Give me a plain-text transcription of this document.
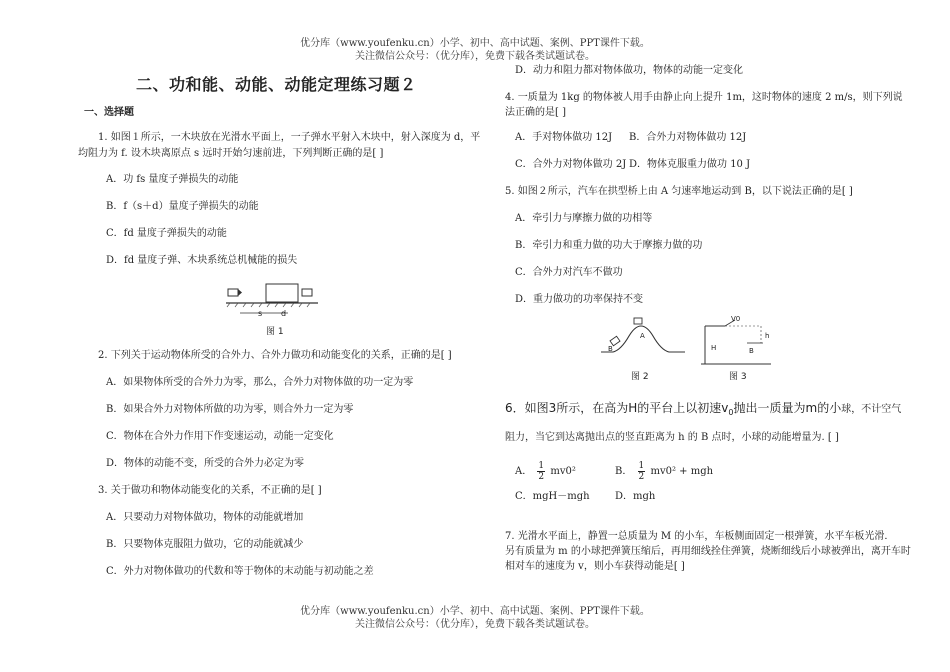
优分库（www.youfenku.cn）小学、初中、高中试题、案例、PPT课件下载。
关注微信公众号：（优分库），免费下载各类试题试卷。
二、功和能、动能、动能定理练习题２
一、选择题
1. 如图１所示，一木块放在光滑水平面上，一子弹水平射入木块中，射入深度为 d，平
均阻力为 f. 设木块离原点 s 远时开始匀速前进，下列判断正确的是[ ]
A．功 fs 量度子弹损失的动能
B．f（s＋d）量度子弹损失的动能
C．fd 量度子弹损失的动能
D．fd 量度子弹、木块系统总机械能的损失
s d
图 1
2. 下列关于运动物体所受的合外力、合外力做功和动能变化的关系，正确的是[ ]
A．如果物体所受的合外力为零，那么，合外力对物体做的功一定为零
B．如果合外力对物体所做的功为零，则合外力一定为零
C．物体在合外力作用下作变速运动，动能一定变化
D．物体的动能不变，所受的合外力必定为零
3. 关于做功和物体动能变化的关系，不正确的是[ ]
A．只要动力对物体做功，物体的动能就增加
B．只要物体克服阻力做功，它的动能就减少
C．外力对物体做功的代数和等于物体的末动能与初动能之差
D．动力和阻力都对物体做功，物体的动能一定变化
4. 一质量为 1kg 的物体被人用手由静止向上提升 1m，这时物体的速度 2 m/s，则下列说
法正确的是[ ]
A．手对物体做功 12J B．合外力对物体做功 12J
C．合外力对物体做功 2J D．物体克服重力做功 10 J
5. 如图２所示，汽车在拱型桥上由 A 匀速率地运动到 B，以下说法正确的是[ ]
A．牵引力与摩擦力做的功相等
B．牵引力和重力做的功大于摩擦力做的功
C．合外力对汽车不做功
D．重力做功的功率保持不变
A
B
图 2
V0
H
h
B
图 3
6．如图3所示，在高为H的平台上以初速$v_0$抛出一质量为m的小球，不计空气
阻力，当它到达离抛出点的竖直距离为 h 的 B 点时，小球的动能增量为. [ ]
A． $\frac{1}{2} mv0^2$	B． $\frac{1}{2} mv0^2$ + mgh
C．mgH－mgh	D．mgh
7. 光滑水平面上，静置一总质量为 M 的小车，车板侧面固定一根弹簧，水平车板光滑．
另有质量为 m 的小球把弹簧压缩后，再用细线拴住弹簧，烧断细线后小球被弹出，离开车时
相对车的速度为 v，则小车获得动能是[ ]
优分库（www.youfenku.cn）小学、初中、高中试题、案例、PPT课件下载。
关注微信公众号：（优分库），免费下载各类试题试卷。
